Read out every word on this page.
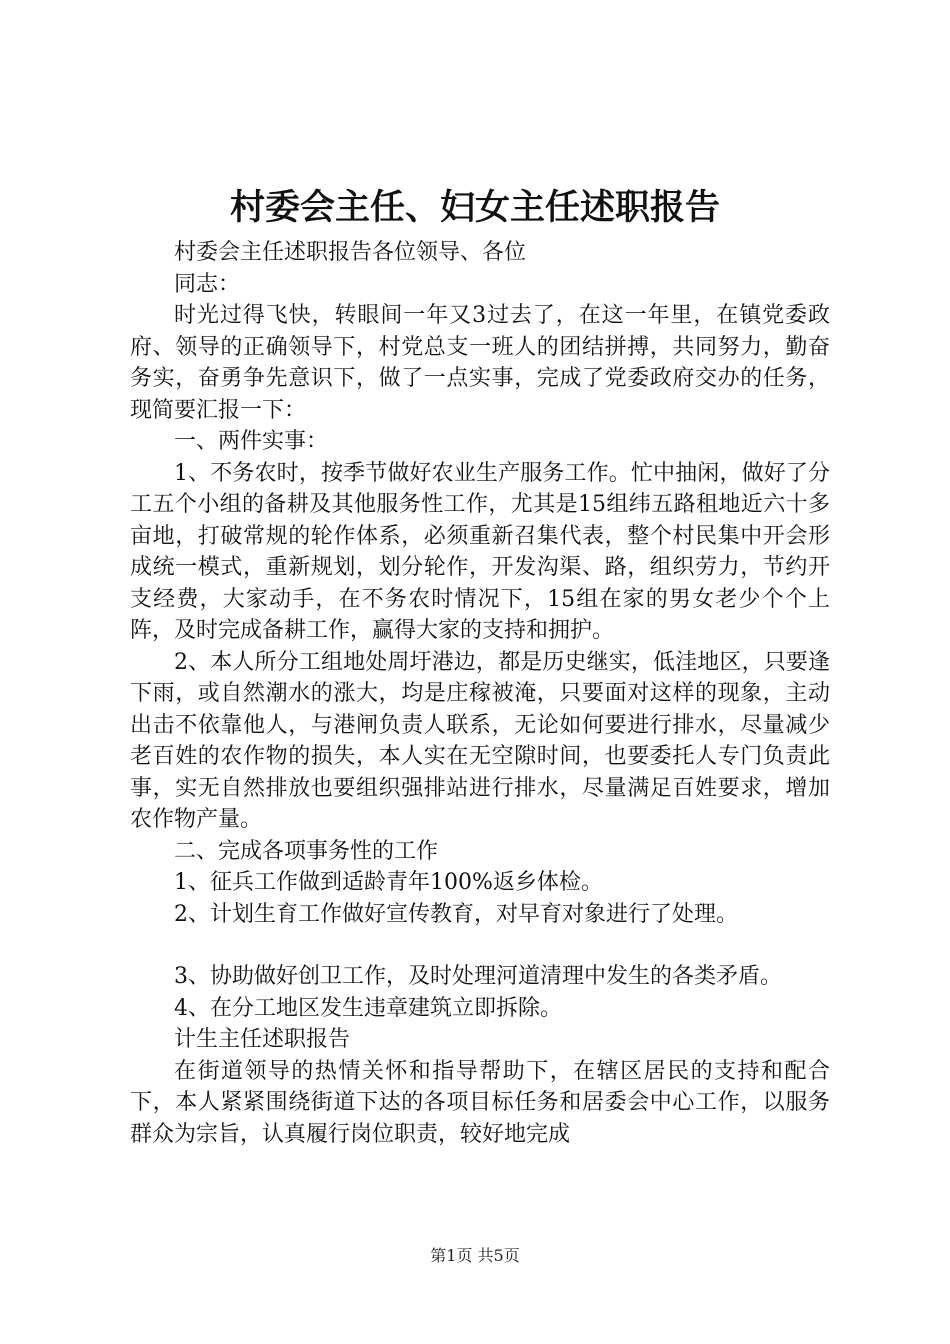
村委会主任、妇女主任述职报告

村委会主任述职报告各位领导、各位

同志：

时光过得飞快，转眼间一年又3过去了，在这一年里，在镇党委政府、领导的正确领导下，村党总支一班人的团结拼搏，共同努力，勤奋务实，奋勇争先意识下，做了一点实事，完成了党委政府交办的任务，现简要汇报一下：

一、两件实事：

1、不务农时，按季节做好农业生产服务工作。忙中抽闲，做好了分工五个小组的备耕及其他服务性工作，尤其是15组纬五路租地近六十多亩地，打破常规的轮作体系，必须重新召集代表，整个村民集中开会形成统一模式，重新规划，划分轮作，开发沟渠、路，组织劳力，节约开支经费，大家动手，在不务农时情况下，15组在家的男女老少个个上阵，及时完成备耕工作，赢得大家的支持和拥护。

2、本人所分工组地处周圩港边，都是历史继实，低洼地区，只要逢下雨，或自然潮水的涨大，均是庄稼被淹，只要面对这样的现象，主动出击不依靠他人，与港闸负责人联系，无论如何要进行排水，尽量减少老百姓的农作物的损失，本人实在无空隙时间，也要委托人专门负责此事，实无自然排放也要组织强排站进行排水，尽量满足百姓要求，增加农作物产量。

二、完成各项事务性的工作

1、征兵工作做到适龄青年100%返乡体检。

2、计划生育工作做好宣传教育，对早育对象进行了处理。

3、协助做好创卫工作，及时处理河道清理中发生的各类矛盾。

4、在分工地区发生违章建筑立即拆除。

计生主任述职报告

在街道领导的热情关怀和指导帮助下，在辖区居民的支持和配合下，本人紧紧围绕街道下达的各项目标任务和居委会中心工作，以服务群众为宗旨，认真履行岗位职责，较好地完成

第1页 共5页
